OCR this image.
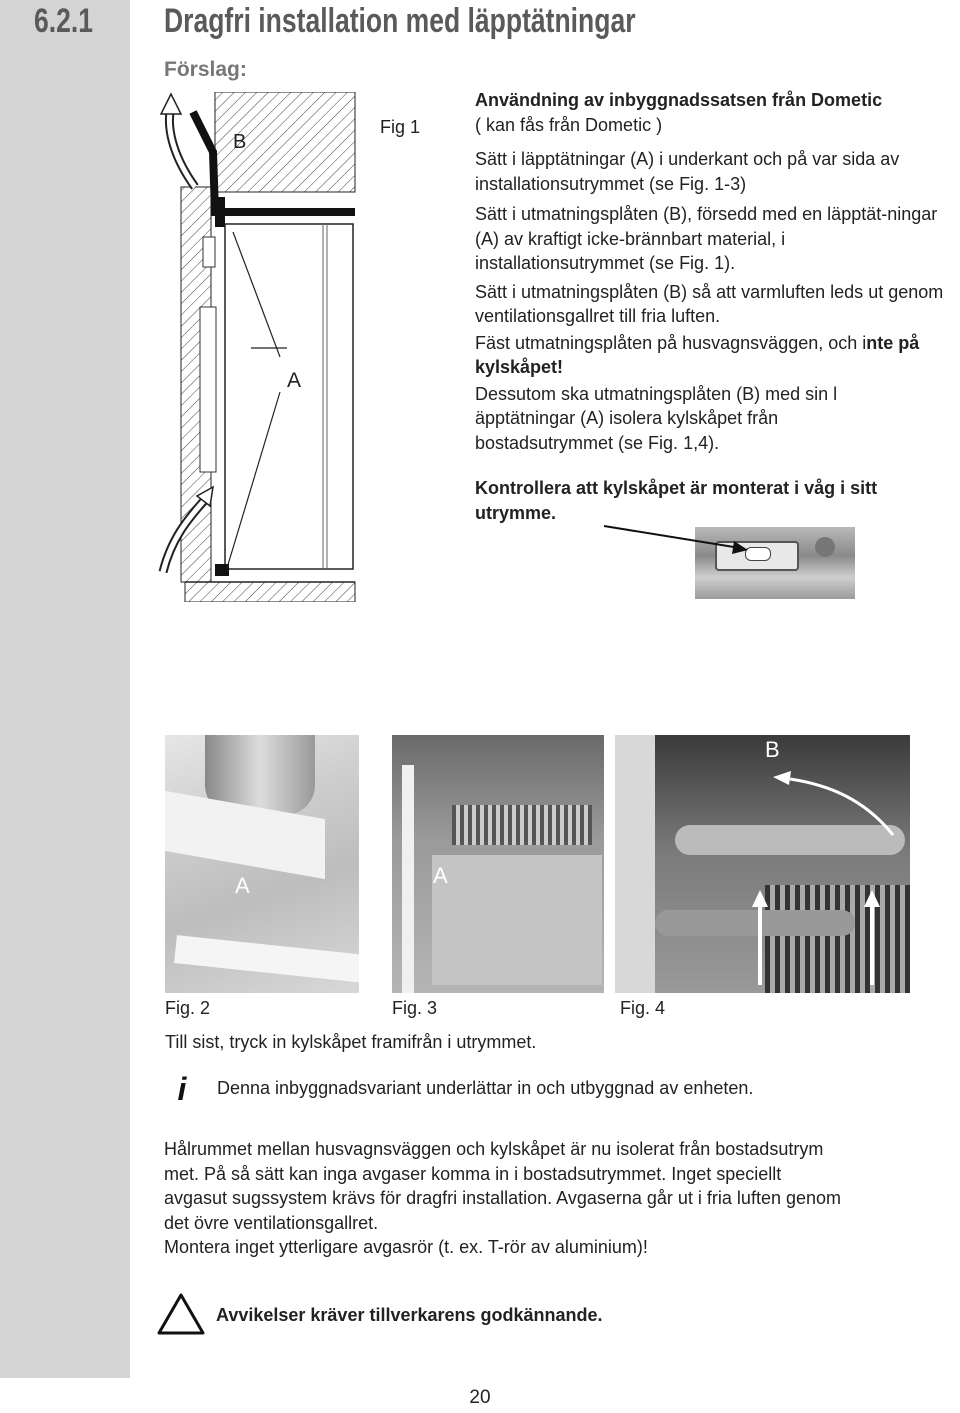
6.2.1 Dragfri installation med läpptätningar
Förslag:
B
A
Fig 1

Användning av inbyggnadssatsen från Dometic

( kan fås från Dometic )

Sätt i läpptätningar (A) i underkant och på var sida av installationsutrymmet (se Fig. 1-3)

Sätt i utmatningsplåten (B), försedd med en läpptät-ningar (A) av kraftigt icke-brännbart material, i installationsutrymmet (se Fig. 1).

Sätt i utmatningsplåten (B) så att varmluften leds ut genom ventilationsgallret till fria luften.

Fäst utmatningsplåten på husvagnsväggen, och inte på kylskåpet!

Dessutom ska utmatningsplåten (B) med sin l äpptätningar (A) isolera kylskåpet från bostadsutrymmet (se Fig. 1,4).

Kontrollera att kylskåpet är monterat i våg i sitt utrymme.
A	A
B
Fig. 2	Fig. 3	Fig. 4
Till sist, tryck in kylskåpet framifrån i utrymmet.
i Denna inbyggnadsvariant underlättar in och utbyggnad av enheten.
Hålrummet mellan husvagnsväggen och kylskåpet är nu isolerat från bostadsutrym
met. På så sätt kan inga avgaser komma in i bostadsutrymmet. Inget speciellt
avgasut sugssystem krävs för dragfri installation. Avgaserna går ut i fria luften genom
det övre ventilationsgallret.
Montera inget ytterligare avgasrör (t. ex. T-rör av aluminium)!
Avvikelser kräver tillverkarens godkännande.
20
